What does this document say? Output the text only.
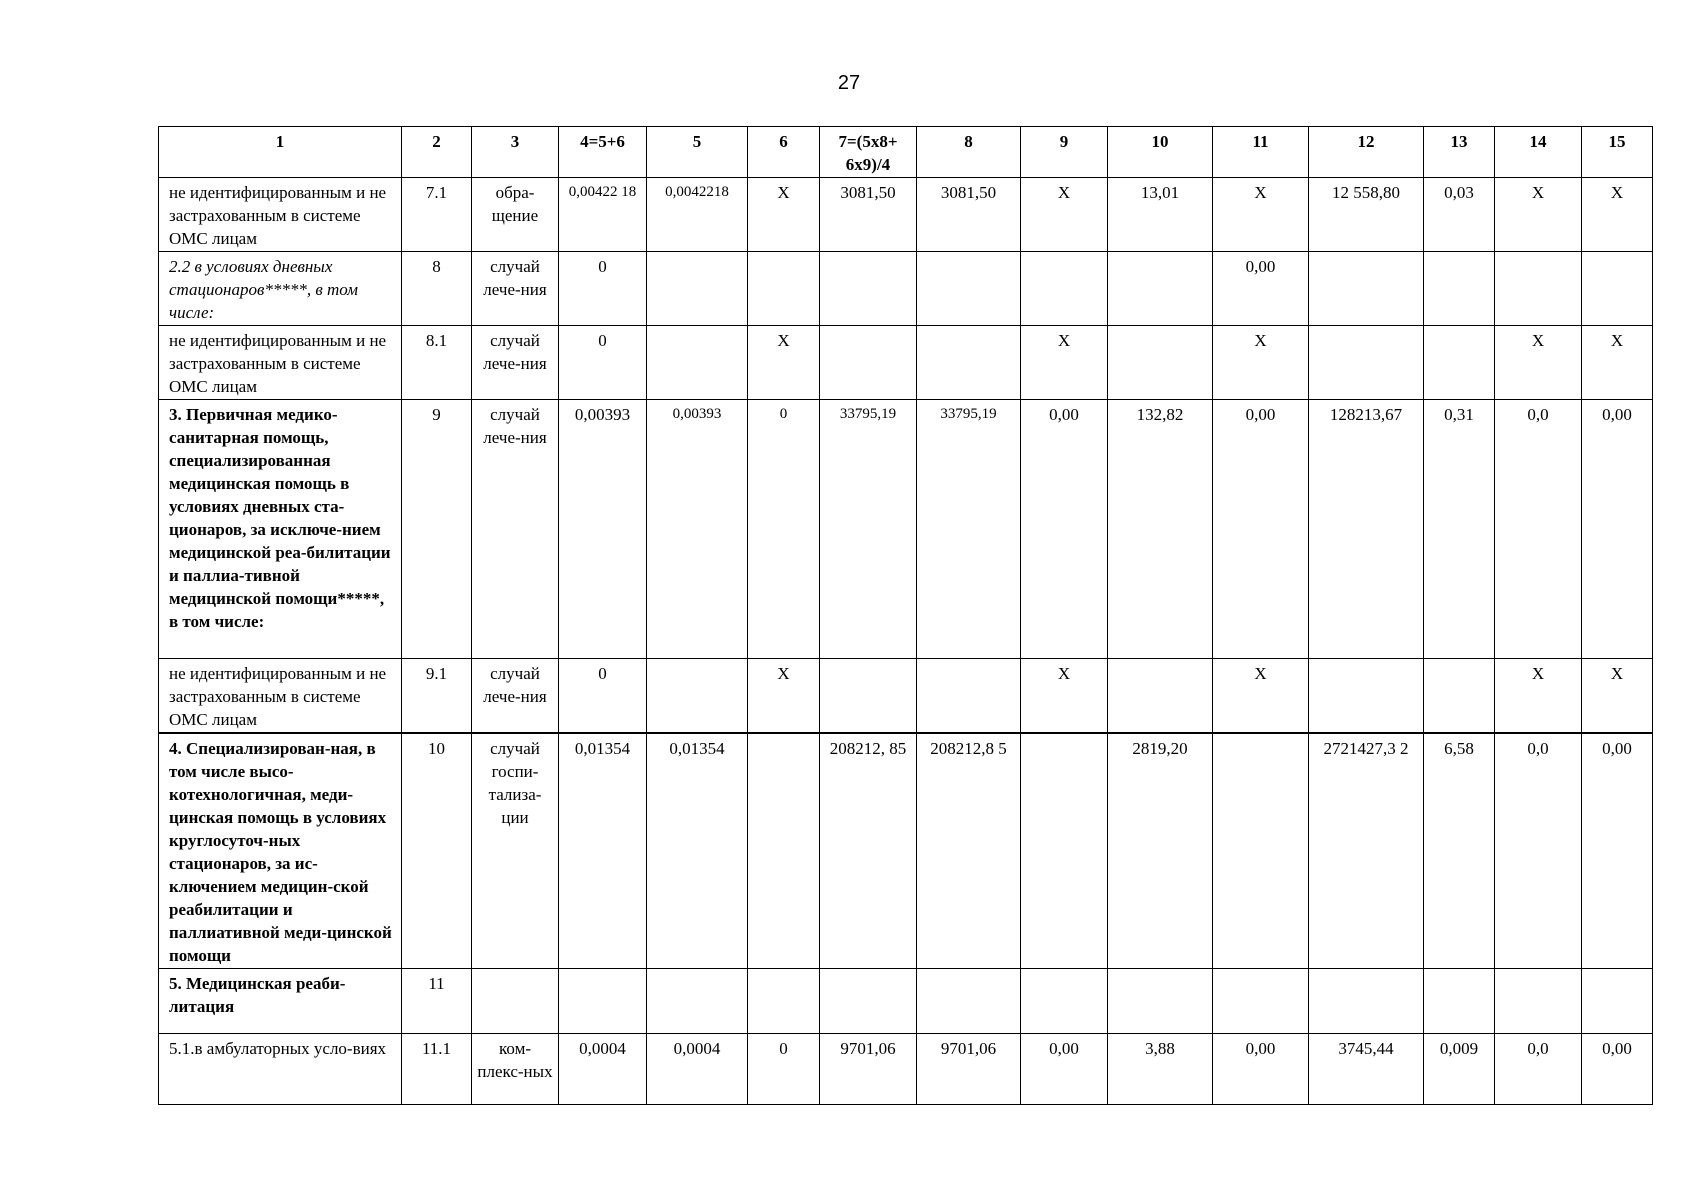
27
1	2	3	4=5+6	5	6	7=(5х8+ 6х9)/4	8	9	10	11	12	13	14	15
не идентифицированным и не застрахованным в системе ОМС лицам	7.1	обра-щение	0,00422 18	0,0042218	Х	3081,50	3081,50	Х	13,01	Х	12 558,80	0,03	Х	Х
2.2 в условиях дневных стационаров*****, в том числе:	8	случай лече-ния	0							0,00				
не идентифицированным и не застрахованным в системе ОМС лицам	8.1	случай лече-ния	0		Х			Х		Х			Х	Х
3. Первичная медико-санитарная помощь, специализированная медицинская помощь в условиях дневных ста-ционаров, за исключе-нием медицинской реа-билитации и паллиа-тивной медицинской помощи*****, в том числе:	9	случай лече-ния	0,00393	0,00393	0	33795,19	33795,19	0,00	132,82	0,00	128213,67	0,31	0,0	0,00
не идентифицированным и не застрахованным в системе ОМС лицам	9.1	случай лече-ния	0		Х			Х		Х			Х	Х
4. Специализирован-ная, в том числе высо-котехнологичная, меди-цинская помощь в условиях круглосуточ-ных стационаров, за ис-ключением медицин-ской реабилитации и паллиативной меди-цинской помощи	10	случай госпи-тализа-ции	0,01354	0,01354		208212, 85	208212,8 5		2819,20		2721427,3 2	6,58	0,0	0,00
5. Медицинская реаби-литация	11													
5.1.в амбулаторных усло-виях	11.1	ком-плекс-ных	0,0004	0,0004	0	9701,06	9701,06	0,00	3,88	0,00	3745,44	0,009	0,0	0,00
